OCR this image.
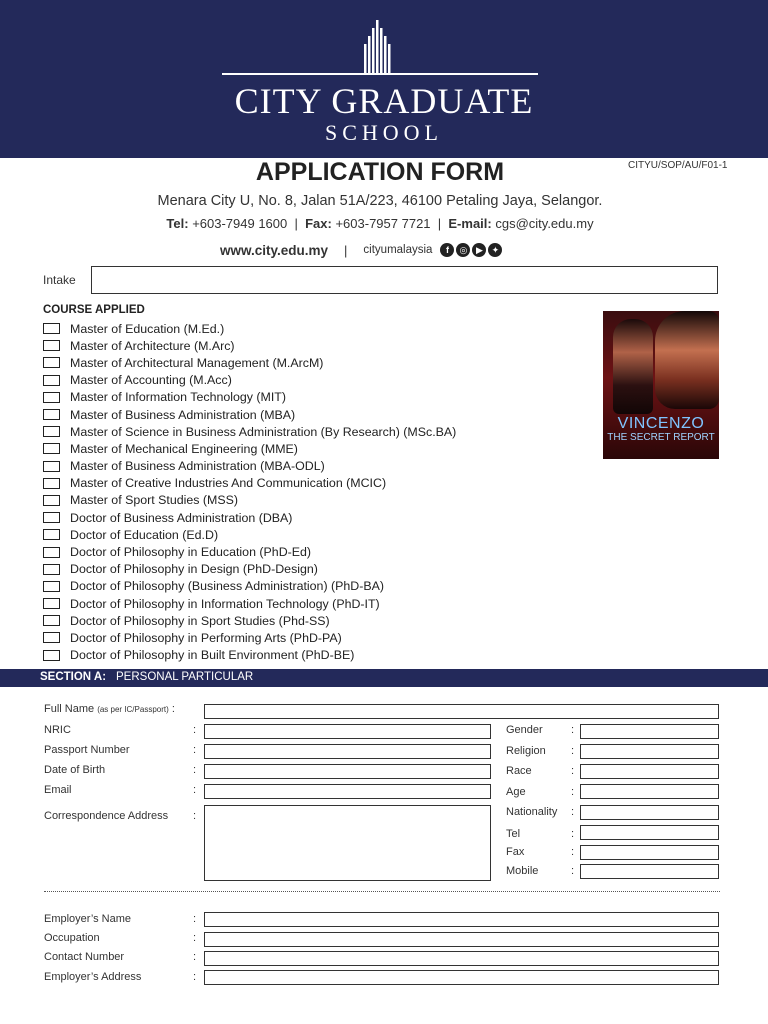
CITY GRADUATE
SCHOOL
CITYU/SOP/AU/F01-1
APPLICATION FORM
Menara City U, No. 8, Jalan 51A/223, 46100 Petaling Jaya, Selangor.
Tel: +603-7949 1600 | Fax: +603-7957 7721 | E-mail: cgs@city.edu.my
www.city.edu.my | cityumalaysia	f	◎ ▶ ✦
Intake
COURSE APPLIED
Master of Education (M.Ed.)
Master of Architecture (M.Arc)
Master of Architectural Management (M.ArcM)
Master of Accounting (M.Acc)
Master of Information Technology (MIT)
Master of Business Administration (MBA)
Master of Science in Business Administration (By Research) (MSc.BA)
Master of Mechanical Engineering (MME)
Master of Business Administration (MBA-ODL)
Master of Creative Industries And Communication (MCIC)
Master of Sport Studies (MSS)
Doctor of Business Administration (DBA)
Doctor of Education (Ed.D)
Doctor of Philosophy in Education (PhD-Ed)
Doctor of Philosophy in Design (PhD-Design)
Doctor of Philosophy (Business Administration) (PhD-BA)
Doctor of Philosophy in Information Technology (PhD-IT)
Doctor of Philosophy in Sport Studies (Phd-SS)
Doctor of Philosophy in Performing Arts (PhD-PA)
Doctor of Philosophy in Built Environment (PhD-BE)
VINCENZO
THE SECRET REPORT
SECTION A: PERSONAL PARTICULAR
Full Name (as per IC/Passport) :
NRIC	:
Passport Number	:
Date of Birth	:
Email	:
Correspondence Address :
Gender	:
Religion :
Race	:
Age	:
Nationality :
Tel	:
Fax	:
Mobile	:
Employer’s Name	:
Occupation	:
Contact Number	:
Employer’s Address	:
